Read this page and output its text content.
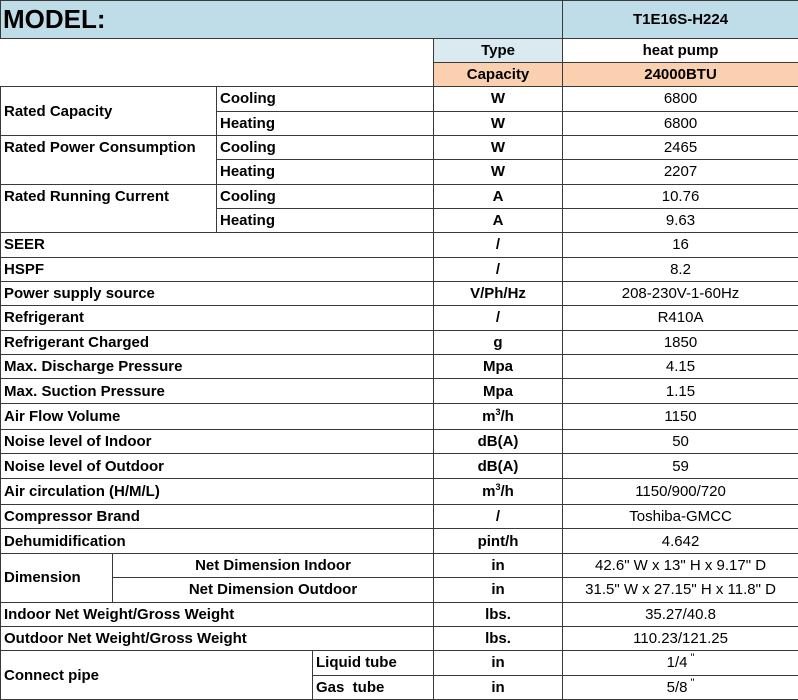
MODEL:					T1E16S-H224
				Type	heat pump
				Capacity	24000BTU
Rated Capacity		Cooling		W	6800
		Heating		W	6800
Rated Power Consumption		Cooling		W	2465
		Heating		W	2207
Rated Running Current		Cooling		A	10.76
		Heating		A	9.63
SEER				/	16
HSPF				/	8.2
Power supply source				V/Ph/Hz	208-230V-1-60Hz
Refrigerant				/	R410A
Refrigerant Charged				g	1850
Max. Discharge Pressure				Mpa	4.15
Max. Suction Pressure				Mpa	1.15
Air Flow Volume				$m^3/h$	1150
Noise level of Indoor				dB(A)	50
Noise level of Outdoor				dB(A)	59
Air circulation (H/M/L)				$m^3/h$	1150/900/720
Compressor Brand				/	Toshiba-GMCC
Dehumidification				pint/h	4.642
Dimension	Net Dimension Indoor			in	42.6" W x 13" H x 9.17" D
	Net Dimension Outdoor			in	31.5" W x 27.15" H x 11.8" D
Indoor Net Weight/Gross Weight				lbs.	35.27/40.8
Outdoor Net Weight/Gross Weight				lbs.	110.23/121.25
Connect pipe			Liquid tube	in	1/4 "
			Gas  tube	in	5/8 "
